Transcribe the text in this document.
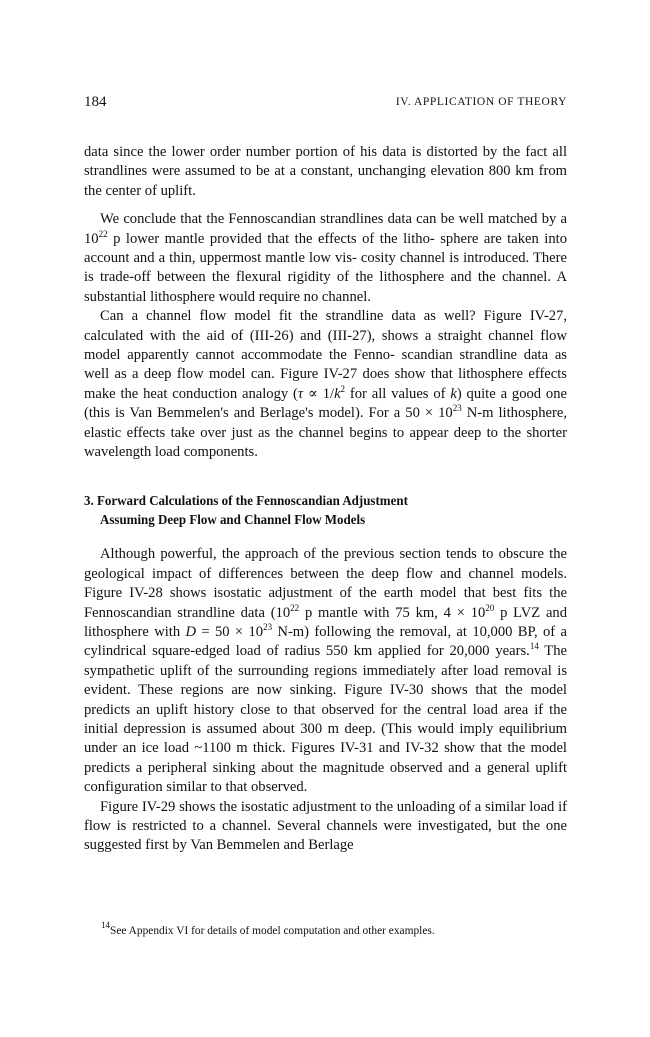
184	IV. APPLICATION OF THEORY

data since the lower order number portion of his data is distorted by the fact all strandlines were assumed to be at a constant, unchanging elevation 800 km from the center of uplift.

We conclude that the Fennoscandian strandlines data can be well matched by a $10^{22}$ p lower mantle provided that the effects of the litho- sphere are taken into account and a thin, uppermost mantle low vis- cosity channel is introduced. There is trade-off between the flexural rigidity of the lithosphere and the channel. A substantial lithosphere would require no channel.

Can a channel flow model fit the strandline data as well? Figure IV-27, calculated with the aid of (III-26) and (III-27), shows a straight channel flow model apparently cannot accommodate the Fenno- scandian strandline data as well as a deep flow model can. Figure IV-27 does show that lithosphere effects make the heat conduction analogy ($\tau \propto 1/k^2$ for all values of k) quite a good one (this is Van Bemmelen's and Berlage's model). For a $50 \times 10^{23}$ N-m lithosphere, elastic effects take over just as the channel begins to appear deep to the shorter wavelength load components.

3. Forward Calculations of the Fennoscandian Adjustment
Assuming Deep Flow and Channel Flow Models

Although powerful, the approach of the previous section tends to obscure the geological impact of differences between the deep flow and channel models. Figure IV-28 shows isostatic adjustment of the earth model that best fits the Fennoscandian strandline data ($10^{22}$ p mantle with 75 km, $4 \times 10^{20}$ p LVZ and lithosphere with $D = 50 \times 10^{23}$ N-m) following the removal, at 10,000 BP, of a cylindrical square-edged load of radius 550 km applied for 20,000 years.$^{14}$ The sympathetic uplift of the surrounding regions immediately after load removal is evident. These regions are now sinking. Figure IV-30 shows that the model predicts an uplift history close to that observed for the central load area if the initial depression is assumed about 300 m deep. (This would imply equilibrium under an ice load ~1100 m thick. Figures IV-31 and IV-32 show that the model predicts a peripheral sinking about the magnitude observed and a general uplift configuration similar to that observed.

Figure IV-29 shows the isostatic adjustment to the unloading of a similar load if flow is restricted to a channel. Several channels were investigated, but the one suggested first by Van Bemmelen and Berlage

$^{14}$See Appendix VI for details of model computation and other examples.
